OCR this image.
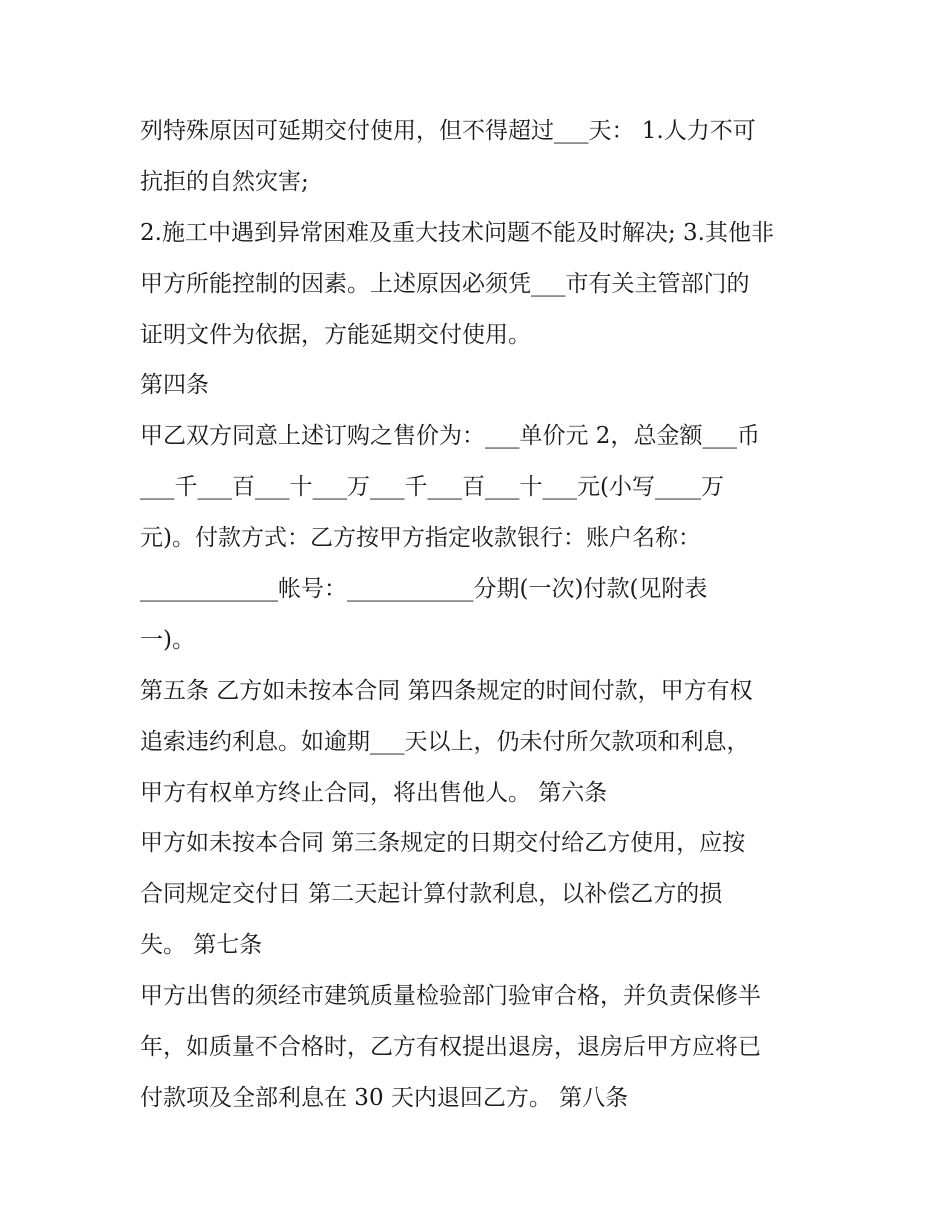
列特殊原因可延期交付使用，但不得超过___天： 1.人力不可

抗拒的自然灾害;

2.施工中遇到异常困难及重大技术问题不能及时解决; 3.其他非

甲方所能控制的因素。上述原因必须凭___市有关主管部门的

证明文件为依据，方能延期交付使用。

第四条

甲乙双方同意上述订购之售价为：___单价元 2，总金额___币

___千___百___十___万___千___百___十___元(小写____万

元)。付款方式：乙方按甲方指定收款银行：账户名称：

____________帐号：___________分期(一次)付款(见附表

一)。

第五条 乙方如未按本合同 第四条规定的时间付款，甲方有权

追索违约利息。如逾期___天以上，仍未付所欠款项和利息，

甲方有权单方终止合同，将出售他人。 第六条

甲方如未按本合同 第三条规定的日期交付给乙方使用，应按

合同规定交付日 第二天起计算付款利息，以补偿乙方的损

失。 第七条

甲方出售的须经市建筑质量检验部门验审合格，并负责保修半

年，如质量不合格时，乙方有权提出退房，退房后甲方应将已

付款项及全部利息在 30 天内退回乙方。 第八条
